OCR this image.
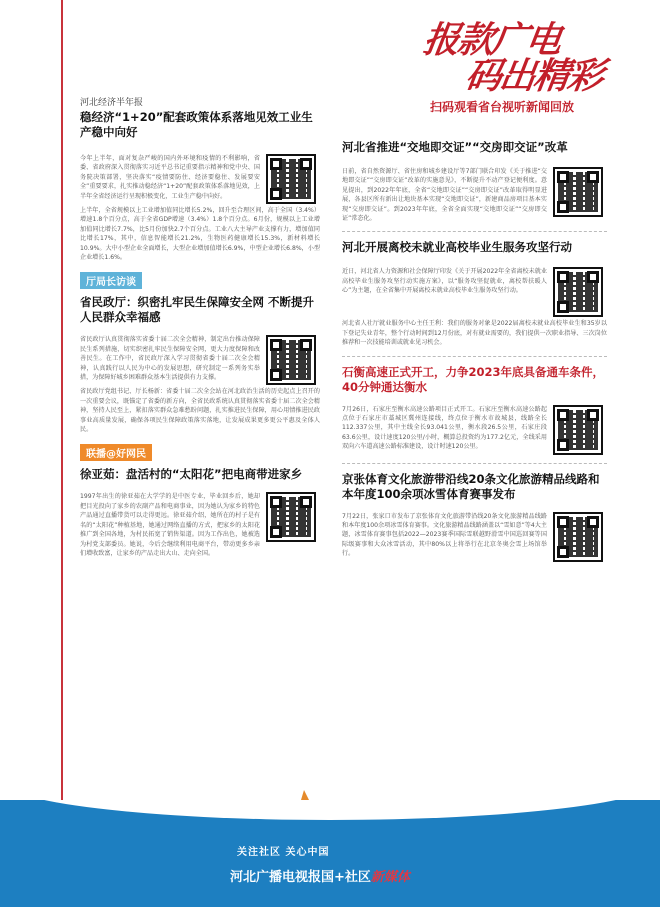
报款广电
码出精彩
扫码观看省台视听新闻回放
河北经济半年报
稳经济“1+20”配套政策体系落地见效工业生产稳中向好
今年上半年，面对复杂严峻的国内外环境和疫情的不利影响，省委、省政府深入贯彻落实习近平总书记重要指示精神和党中央、国务院决策部署，坚决落实“疫情要防住、经济要稳住、发展要安全”重要要求，扎实推动稳经济“1+20”配套政策体系落地见效，上半年全省经济运行呈现积极变化，工业生产稳中向好。
上半年，全省规模以上工业增加值同比增长5.2%，回升至合理区间，高于全国（3.4%）增速1.8个百分点，高于全省GDP增速（3.4%）1.8个百分点。6月份，规模以上工业增加值同比增长7.7%，比5月份加快2.7个百分点。工业八大主导产业支撑有力，增加值同比增长17%，其中，信息智能增长21.2%，生物医药健康增长15.3%，新材料增长10.9%。大中小型企业全面增长，大型企业增加值增长6.9%，中型企业增长6.8%，小型企业增长1.6%。
厅局长访谈
省民政厅：织密扎牢民生保障安全网 不断提升人民群众幸福感
省民政厅认真贯彻落实省委十届二次全会精神，制定出台推动保障民生系列措施，切实织密扎牢民生保障安全网，更大力度保障和改善民生。在工作中，省民政厅深入学习贯彻省委十届二次全会精神，认真践行以人民为中心的发展思想，研究制定一系列务实举措，为保障好城乡困难群众基本生活提供有力支撑。
省民政厅党组书记、厅长杨新：省委十届二次全会站在河北政治生活的历史起点上召开的一次重要会议，既锚定了省委的新方向，全省民政系统认真贯彻落实省委十届二次全会精神，坚持人民至上，紧扣落实群众急难愁盼问题，扎实推进民生保障，用心用情推进民政事业高质量发展，确保各项民生保障政策落实落地，让发展成果更多更公平惠及全体人民。
联播@好网民
徐亚茹：盘活村的“太阳花”把电商带进家乡
1997年出生的徐亚茹在大学学的是中医专业，毕业回乡后，她却把目光投向了家乡的农副产品和电商事业，因为她认为家乡的特色产品通过直播带货可以走得更远。徐亚茹介绍，她所在的村子是有名的“太阳花”种植基地，她通过网络直播的方式，把家乡的太阳花推广到全国各地，为村民拓宽了销售渠道。因为工作出色，她被选为村党支部委员。她说，今后会继续利用电商平台，带动更多乡亲们增收致富，让家乡的产品走出大山、走向全国。
河北省推进“交地即交证”“交房即交证”改革
日前，省自然资源厅、省住房和城乡建设厅等7部门联合印发《关于推进“交地即交证”“交房即交证”改革的实施意见》，不断提升不动产登记便利度。意见提出，到2022年年底，全省“交地即交证”“交房即交证”改革取得明显进展，各县区所有新出让地块基本实现“交地即交证”，新建商品房项目基本实现“交房即交证”。到2023年年底，全省全面实现“交地即交证”“交房即交证”常态化。
河北开展离校未就业高校毕业生服务攻坚行动
近日，河北省人力资源和社会保障厅印发《关于开展2022年全省离校未就业高校毕业生服务攻坚行动实施方案》，以“服务攻坚促就业，离校帮扶暖人心”为主题，在全省集中开展离校未就业高校毕业生服务攻坚行动。
河北省人社厅就业服务中心主任王利：我们的服务对象是2022届离校未就业高校毕业生和35岁以下登记失业青年，整个行动时间到12月份底，对有就业需要的，我们提供一次职业指导、三次岗位推荐和一次技能培训或就业见习机会。
石衡高速正式开工，力争2023年底具备通车条件，40分钟通达衡水
7月26日，石家庄至衡水高速公路项目正式开工。石家庄至衡水高速公路起点位于石家庄市藁城区冀州连接线，终点位于衡水市故城县，线路全长112.337公里，其中主线全长93.041公里，衡水段26.5公里，石家庄段63.6公里，设计速度120公里/小时，概算总投资约为177.2亿元，全线采用双向六车道高速公路标准建设，设计时速120公里。
京张体育文化旅游带沿线20条文化旅游精品线路和本年度100余项冰雪体育赛事发布
7月22日，张家口市发布了京张体育文化旅游带沿线20条文化旅游精品线路和本年度100余项冰雪体育赛事。文化旅游精品线路涵盖以“雪如意”等4大主题，冰雪体育赛事包括2022—2023赛季国际雪联越野滑雪中国巡回赛等国际级赛事和大众冰雪活动，其中80%以上将举行在北京冬奥会雪上场馆举行。
关注社区 关心中国
河北广播电视报国+社区新媒体
